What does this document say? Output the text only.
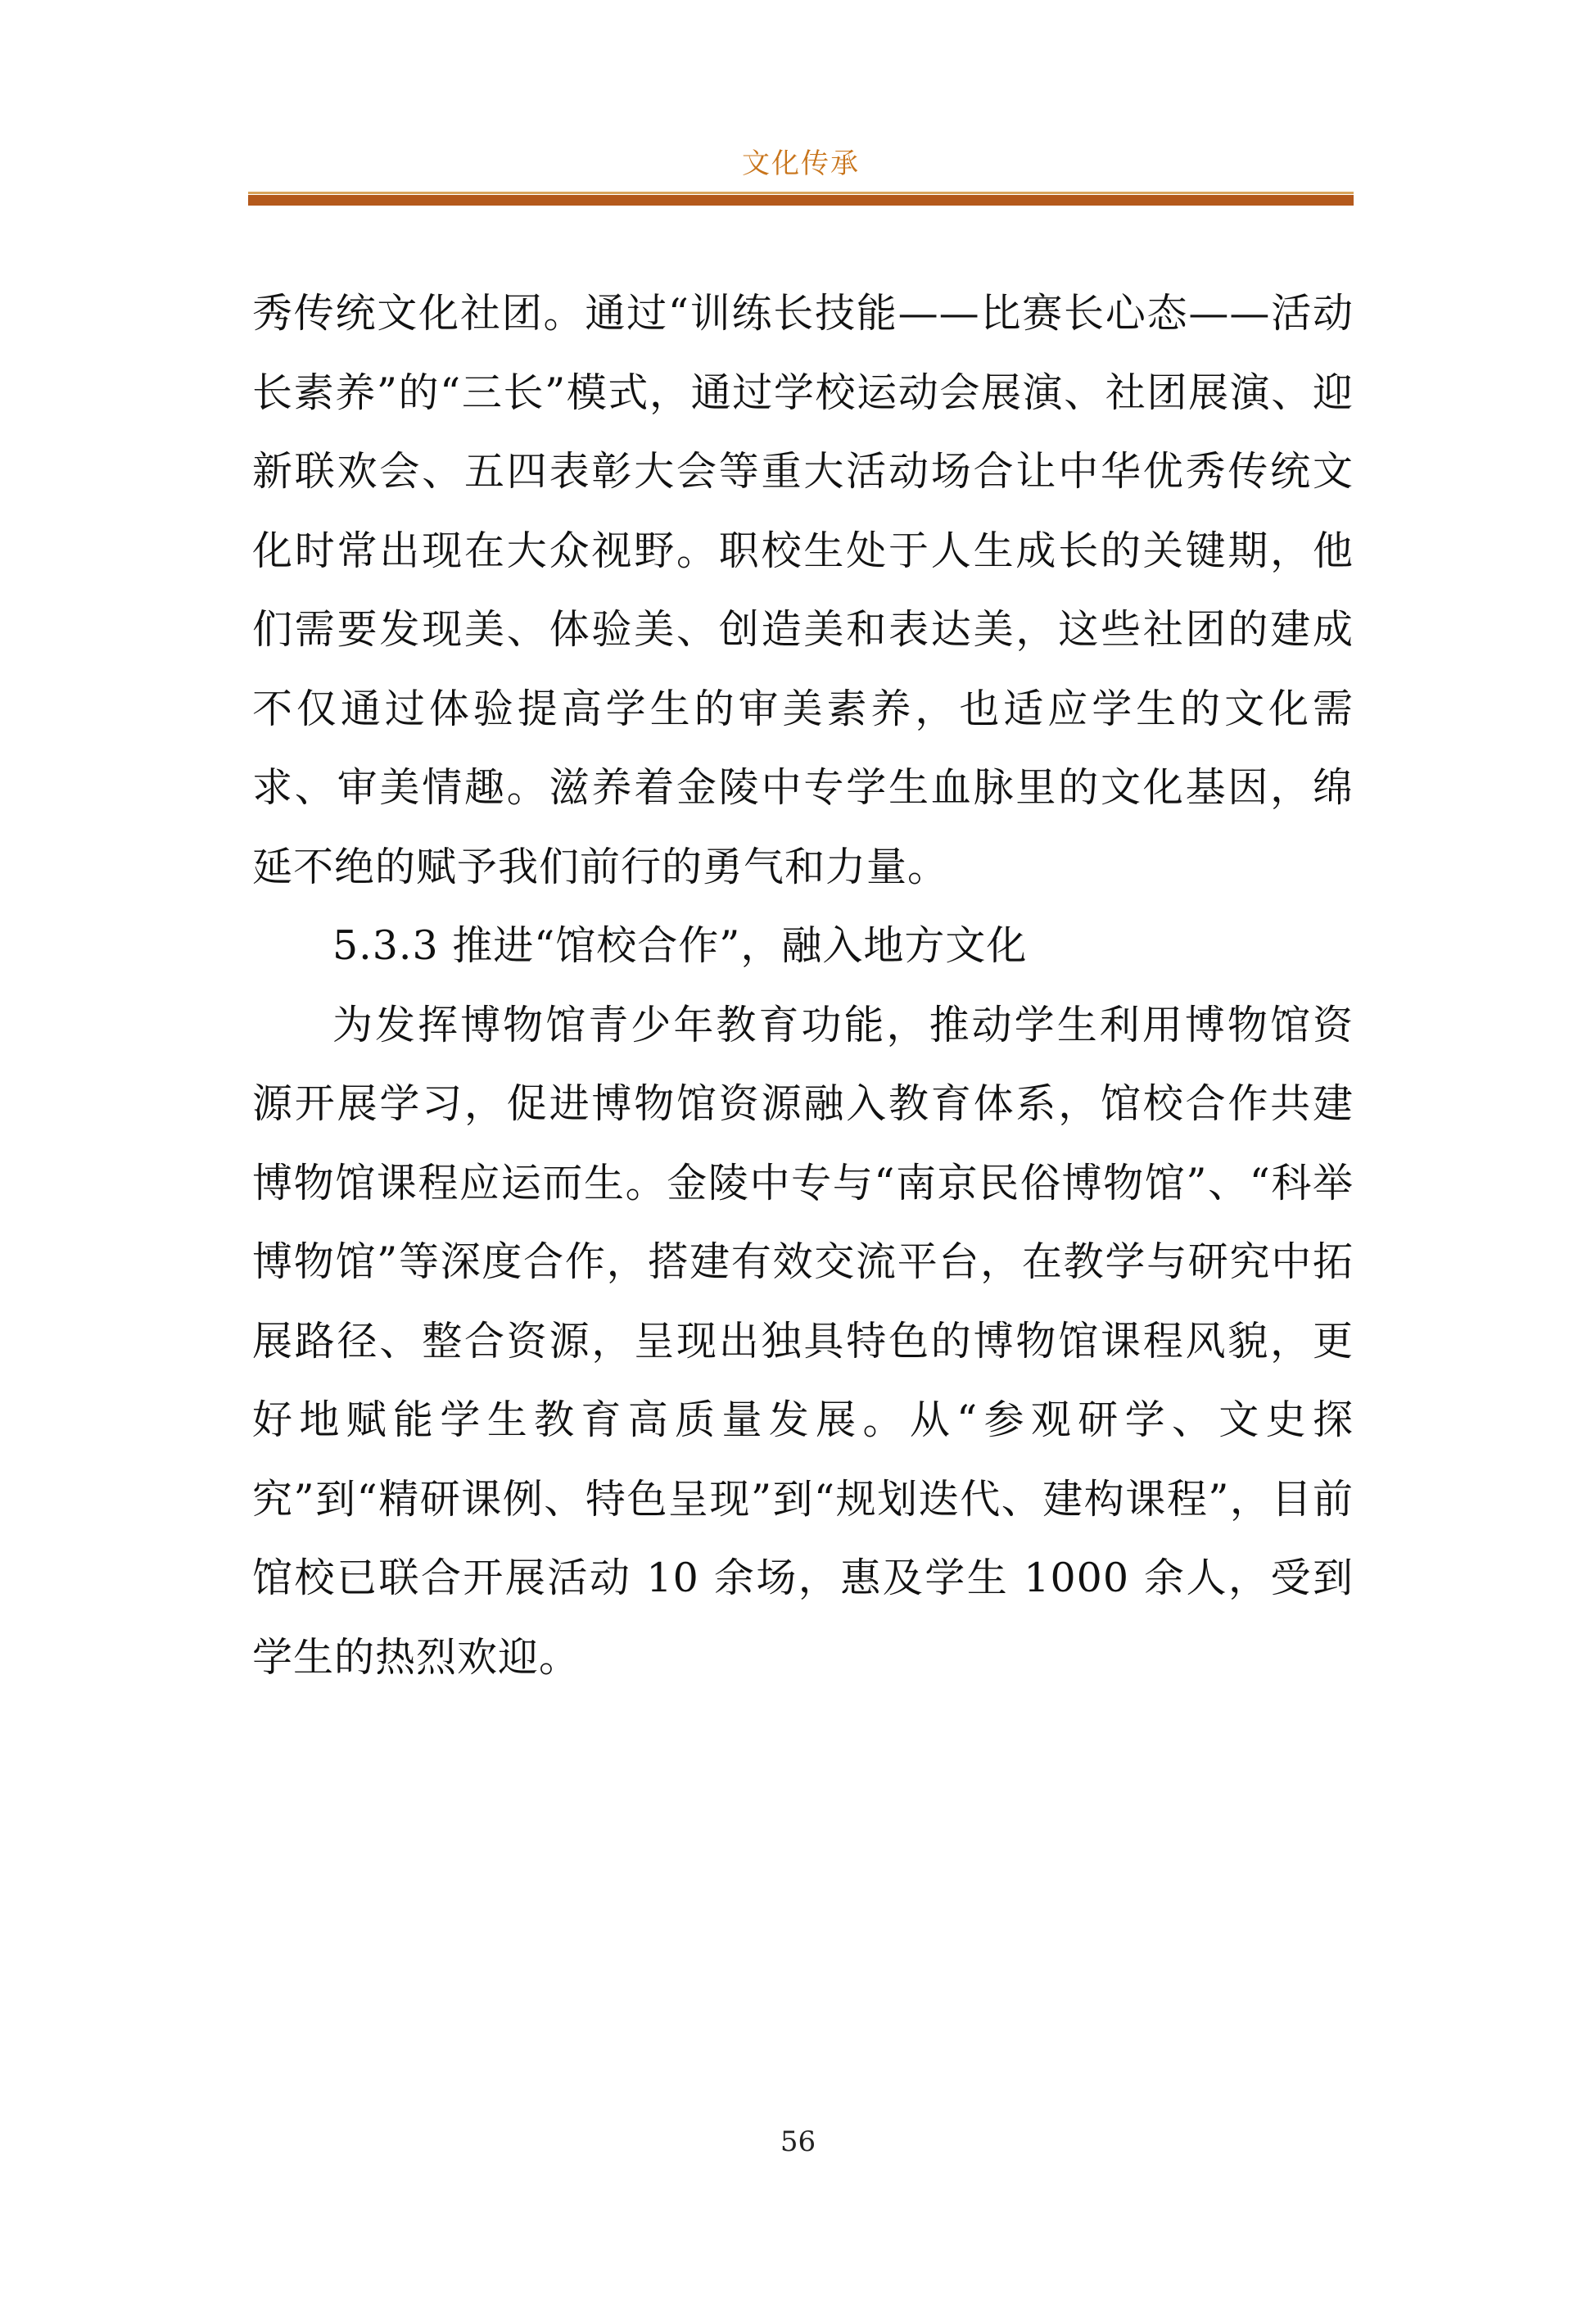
文化传承

秀传统文化社团。通过“训练长技能——比赛长心态——活动长素养”的“三长”模式，通过学校运动会展演、社团展演、迎新联欢会、五四表彰大会等重大活动场合让中华优秀传统文化时常出现在大众视野。职校生处于人生成长的关键期，他们需要发现美、体验美、创造美和表达美，这些社团的建成不仅通过体验提高学生的审美素养，也适应学生的文化需求、审美情趣。滋养着金陵中专学生血脉里的文化基因，绵延不绝的赋予我们前行的勇气和力量。

5.3.3 推进“馆校合作”，融入地方文化

为发挥博物馆青少年教育功能，推动学生利用博物馆资源开展学习，促进博物馆资源融入教育体系，馆校合作共建博物馆课程应运而生。金陵中专与“南京民俗博物馆”、“科举博物馆”等深度合作，搭建有效交流平台，在教学与研究中拓展路径、整合资源，呈现出独具特色的博物馆课程风貌，更好地赋能学生教育高质量发展。从“参观研学、文史探究”到“精研课例、特色呈现”到“规划迭代、建构课程”，目前馆校已联合开展活动 10 余场，惠及学生 1000 余人，受到学生的热烈欢迎。

56
